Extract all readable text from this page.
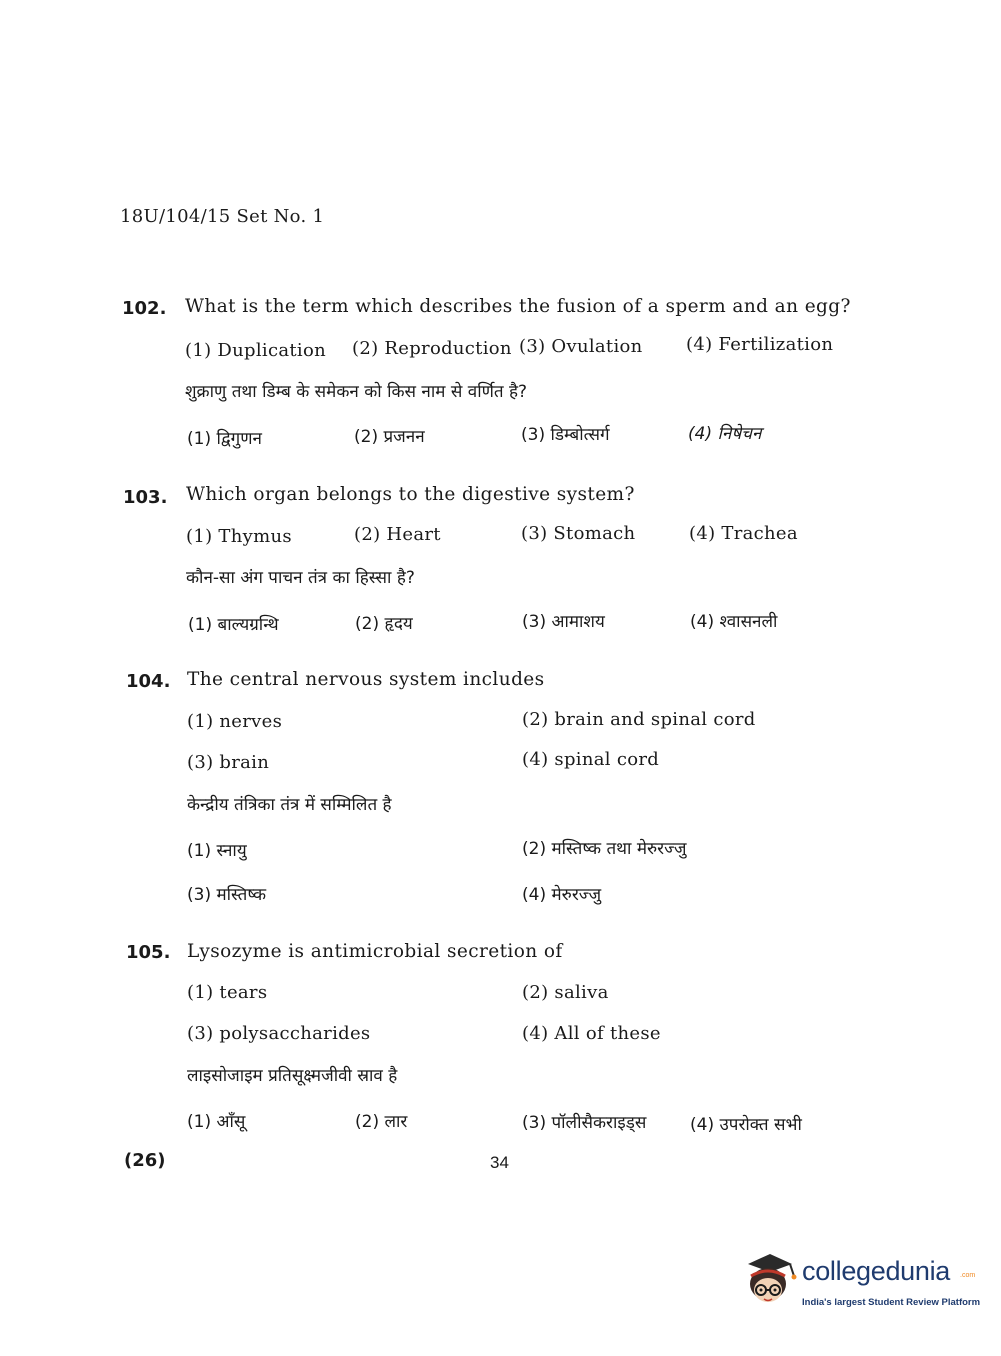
18U/104/15 Set No. 1
102. What is the term which describes the fusion of a sperm and an egg?
(1) Duplication (2) Reproduction (3) Ovulation (4) Fertilization
शुक्राणु तथा डिम्ब के समेकन को किस नाम से वर्णित है?
(1) द्विगुणन	(2) प्रजनन	(3) डिम्बोत्सर्ग	(4) निषेचन
103. Which organ belongs to the digestive system?
(1) Thymus	(2) Heart	(3) Stomach	(4) Trachea
कौन-सा अंग पाचन तंत्र का हिस्सा है?
(1) बाल्यग्रन्थि	(2) हृदय	(3) आमाशय	(4) श्वासनली
104. The central nervous system includes
(1) nerves	(2) brain and spinal cord
(3) brain	(4) spinal cord
केन्द्रीय तंत्रिका तंत्र में सम्मिलित है
(1) स्नायु	(2) मस्तिष्क तथा मेरुरज्जु
(3) मस्तिष्क	(4) मेरुरज्जु
105. Lysozyme is antimicrobial secretion of
(1) tears	(2) saliva
(3) polysaccharides	(4) All of these
लाइसोजाइम प्रतिसूक्ष्मजीवी स्राव है
(1) आँसू	(2) लार	(3) पॉलीसैकराइड्स	(4) उपरोक्त सभी
(26)	34
collegedunia .com
India's largest Student Review Platform
